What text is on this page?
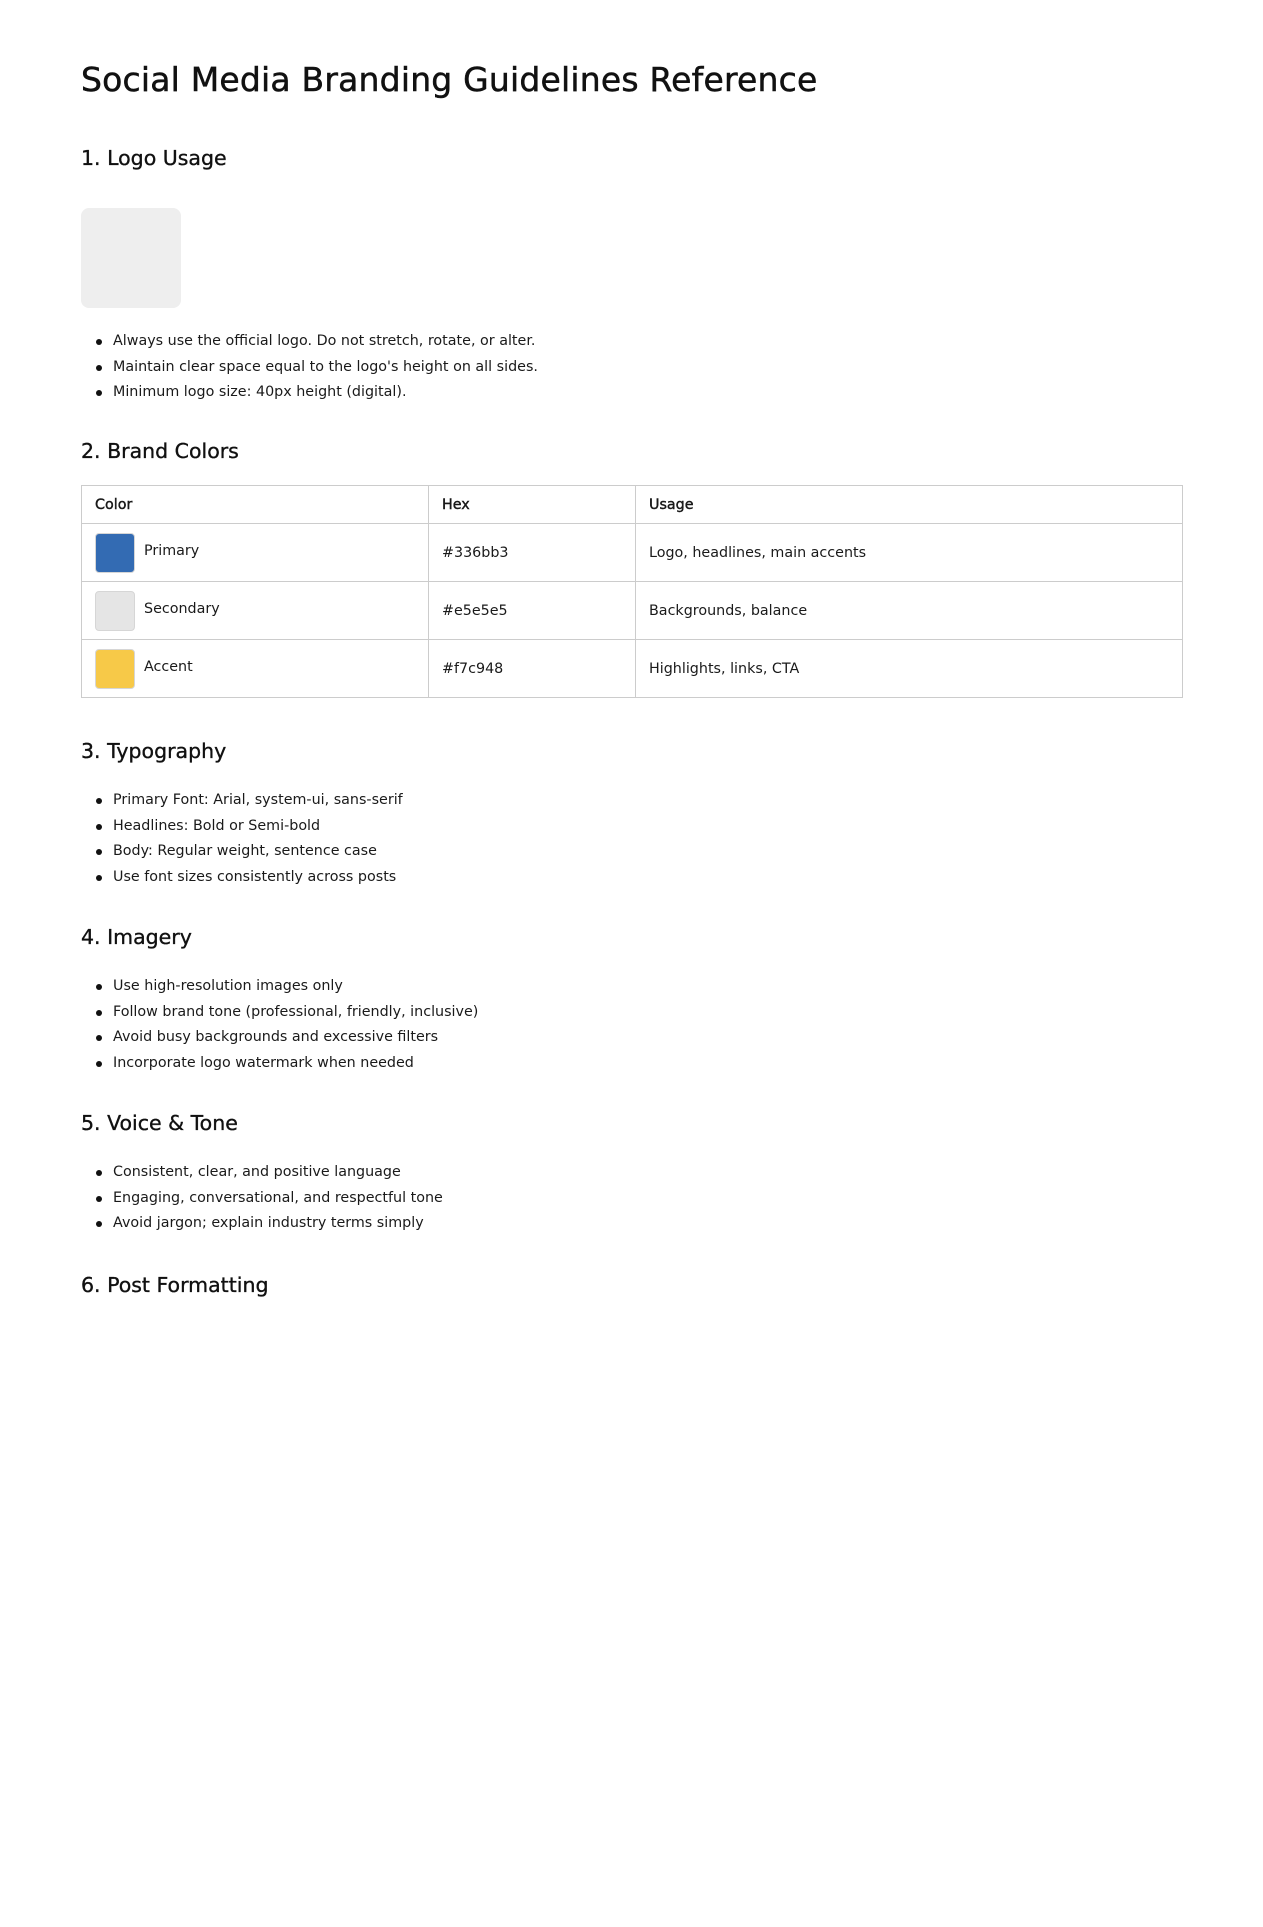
Social Media Branding Guidelines Reference
1. Logo Usage
Always use the official logo. Do not stretch, rotate, or alter.
Maintain clear space equal to the logo's height on all sides.
Minimum logo size: 40px height (digital).
2. Brand Colors
Color	Hex	Usage

Primary	#336bb3	Logo, headlines, main accents

Secondary	#e5e5e5	Backgrounds, balance

Accent	#f7c948	Highlights, links, CTA
3. Typography
Primary Font: Arial, system-ui, sans-serif
Headlines: Bold or Semi-bold
Body: Regular weight, sentence case
Use font sizes consistently across posts
4. Imagery
Use high-resolution images only
Follow brand tone (professional, friendly, inclusive)
Avoid busy backgrounds and excessive filters
Incorporate logo watermark when needed
5. Voice & Tone
Consistent, clear, and positive language
Engaging, conversational, and respectful tone
Avoid jargon; explain industry terms simply
6. Post Formatting
